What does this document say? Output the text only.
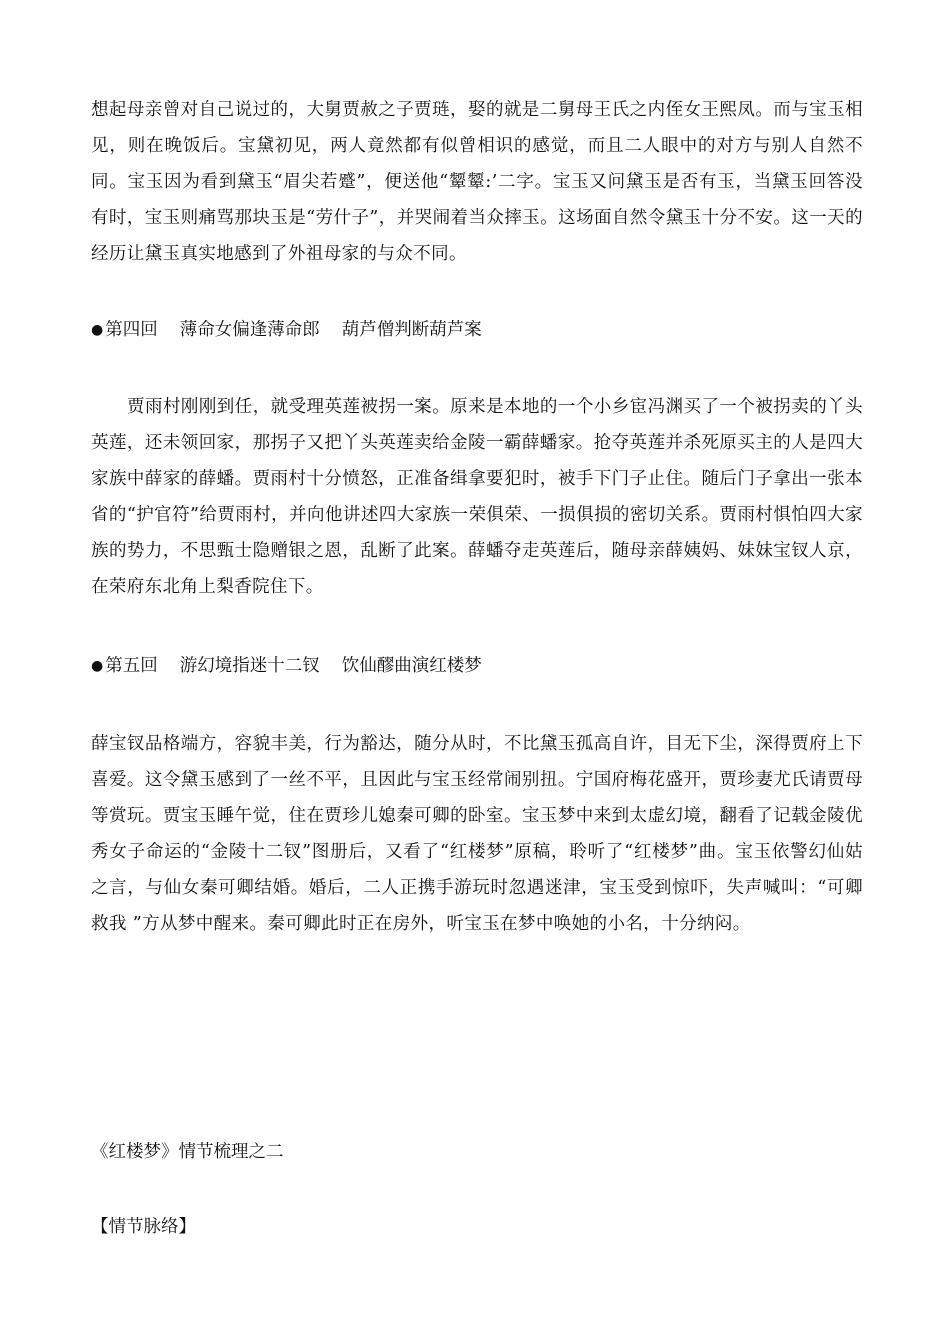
想起母亲曾对自己说过的，大舅贾赦之子贾琏，娶的就是二舅母王氏之内侄女王熙凤。而与宝玉相见，则在晚饭后。宝黛初见，两人竟然都有似曾相识的感觉，而且二人眼中的对方与别人自然不同。宝玉因为看到黛玉“眉尖若蹙”，便送他“颦颦:’二字。宝玉又问黛玉是否有玉，当黛玉回答没有时，宝玉则痛骂那块玉是“劳什子”，并哭闹着当众摔玉。这场面自然令黛玉十分不安。这一天的经历让黛玉真实地感到了外祖母家的与众不同。

● 第四回 薄命女偏逢薄命郎 葫芦僧判断葫芦案

贾雨村刚刚到任，就受理英莲被拐一案。原来是本地的一个小乡宦冯渊买了一个被拐卖的丫头英莲，还未领回家，那拐子又把丫头英莲卖给金陵一霸薛蟠家。抢夺英莲并杀死原买主的人是四大家族中薛家的薛蟠。贾雨村十分愤怒，正准备缉拿要犯时，被手下门子止住。随后门子拿出一张本省的“护官符”给贾雨村，并向他讲述四大家族一荣俱荣、一损俱损的密切关系。贾雨村惧怕四大家族的势力，不思甄士隐赠银之恩，乱断了此案。薛蟠夺走英莲后，随母亲薛姨妈、妹妹宝钗人京，在荣府东北角上梨香院住下。

● 第五回 游幻境指迷十二钗 饮仙醪曲演红楼梦

薛宝钗品格端方，容貌丰美，行为豁达，随分从时，不比黛玉孤高自许，目无下尘，深得贾府上下喜爱。这令黛玉感到了一丝不平，且因此与宝玉经常闹别扭。宁国府梅花盛开，贾珍妻尤氏请贾母等赏玩。贾宝玉睡午觉，住在贾珍儿媳秦可卿的卧室。宝玉梦中来到太虚幻境，翻看了记载金陵优秀女子命运的“金陵十二钗”图册后，又看了“红楼梦”原稿，聆听了“红楼梦”曲。宝玉依警幻仙姑之言，与仙女秦可卿结婚。婚后，二人正携手游玩时忽遇迷津，宝玉受到惊吓，失声喊叫：“可卿救我 ”方从梦中醒来。秦可卿此时正在房外，听宝玉在梦中唤她的小名，十分纳闷。

《红楼梦》情节梳理之二
【情节脉络】
